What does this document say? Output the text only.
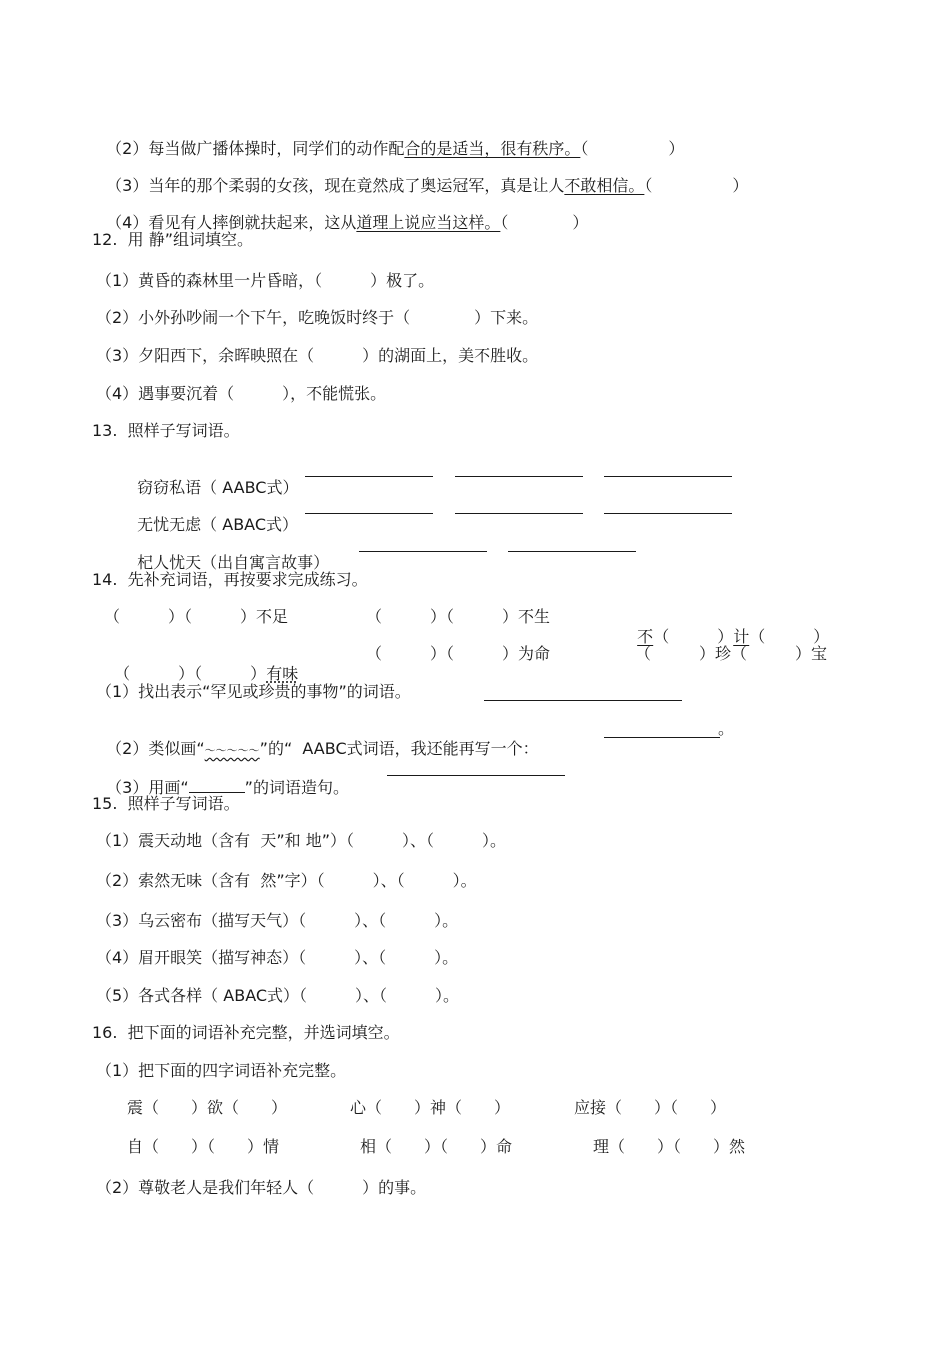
（2）每当做广播体操时，同学们的动作配合的是适当，很有秩序。（　　　　　）

（3）当年的那个柔弱的女孩，现在竟然成了奥运冠军，真是让人不敢相信。（　　　　　）

（4）看见有人摔倒就扶起来，这从道理上说应当这样。（　　　　）

12.  用 静”组词填空。
（1）黄昏的森林里一片昏暗，（　　　）极了。
（2）小外孙吵闹一个下午，吃晚饭时终于（　　　　）下来。
（3）夕阳西下，余晖映照在（　　　）的湖面上，美不胜收。
（4）遇事要沉着（　　　），不能慌张。
13.  照样子写词语。

窃窃私语（ AABC式）

无忧无虑（ ABAC式）

杞人忧天（出自寓言故事）

14.  先补充词语，再按要求完成练习。
（　　　）（　　　）不足	（　　　）（　　　）不生

不（　　　）计（　　　）

（　　　）（　　　）有味

（　　　）（　　　）为命	（　　　）珍（　　　）宝
（1）找出表示“罕见或珍贵的事物”的词语。

（2）类似画“～～～～～”的“  AABC式词语，我还能再写一个：

。

（3）用画“	”的词语造句。

15.  照样子写词语。
（1）震天动地（含有  天”和 地”）（　　　）、（　　　）。
（2）索然无味（含有  然”字）（　　　）、（　　　）。
（3）乌云密布（描写天气）（　　　）、（　　　）。
（4）眉开眼笑（描写神态）（　　　）、（　　　）。
（5）各式各样（ ABAC式）（　　　）、（　　　）。
16.  把下面的词语补充完整，并选词填空。
（1）把下面的四字词语补充完整。
震（　　）欲（　　）	心（　　）神（　　）	应接（　　）（　　）
自（　　）（　　）情	相（　　）（　　）命	理（　　）（　　）然
（2）尊敬老人是我们年轻人（　　　）的事。
